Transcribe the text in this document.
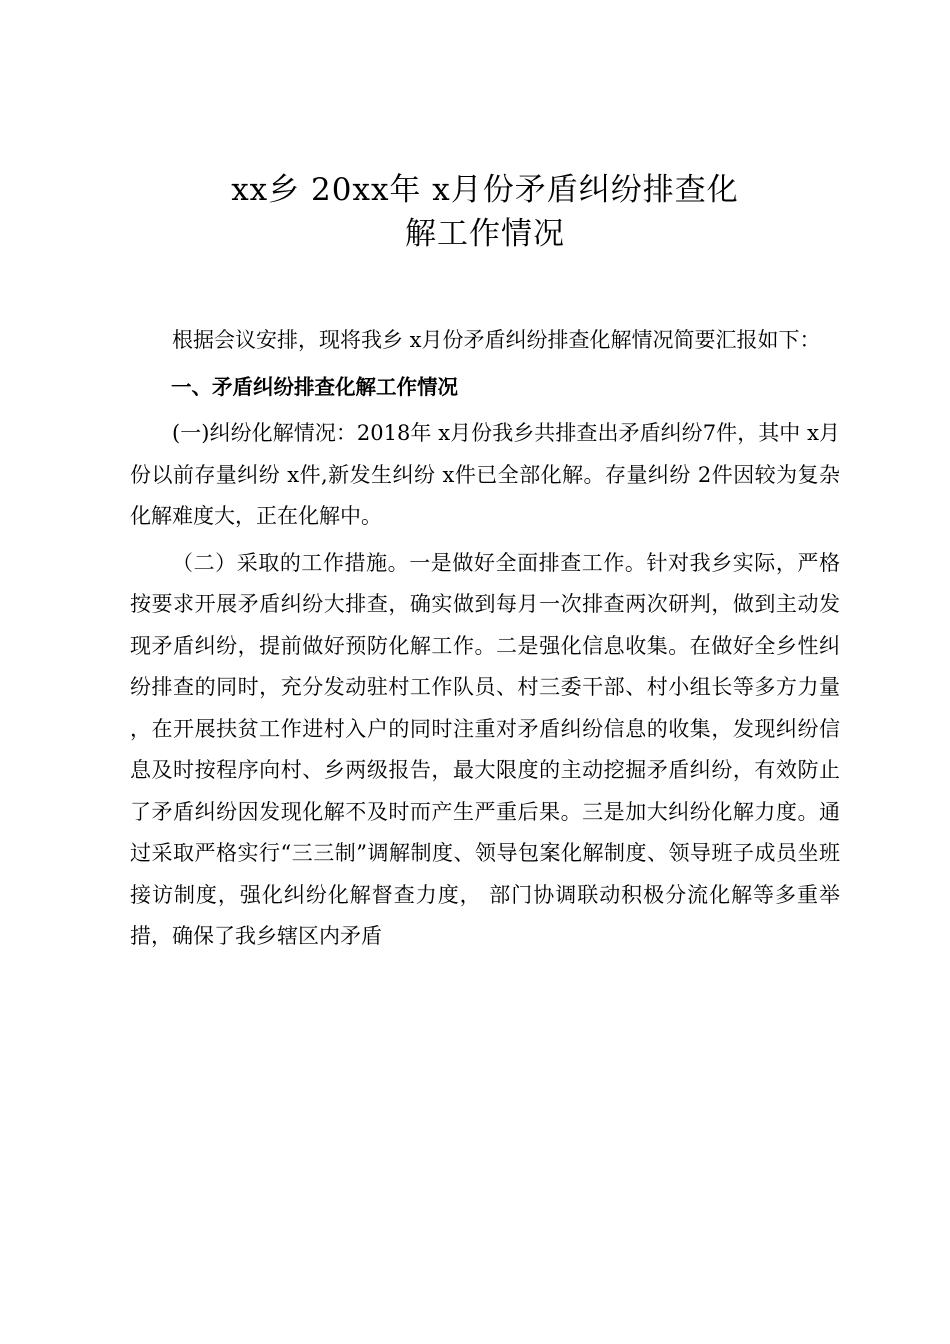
xx乡 20xx年 x月份矛盾纠纷排查化
解工作情况

根据会议安排，现将我乡 x月份矛盾纠纷排查化解情况简要汇报如下：

一、矛盾纠纷排查化解工作情况

(一)纠纷化解情况：2018年 x月份我乡共排查出矛盾纠纷7件，其中 x月份以前存量纠纷 x件,新发生纠纷 x件已全部化解。存量纠纷 2件因较为复杂化解难度大，正在化解中。

（二）采取的工作措施。一是做好全面排查工作。针对我乡实际，严格按要求开展矛盾纠纷大排查，确实做到每月一次排查两次研判，做到主动发现矛盾纠纷，提前做好预防化解工作。二是强化信息收集。在做好全乡性纠纷排查的同时，充分发动驻村工作队员、村三委干部、村小组长等多方力量 ，在开展扶贫工作进村入户的同时注重对矛盾纠纷信息的收集，发现纠纷信息及时按程序向村、乡两级报告，最大限度的主动挖掘矛盾纠纷，有效防止了矛盾纠纷因发现化解不及时而产生严重后果。三是加大纠纷化解力度。通过采取严格实行“三三制”调解制度、领导包案化解制度、领导班子成员坐班接访制度，强化纠纷化解督查力度， 部门协调联动积极分流化解等多重举措，确保了我乡辖区内矛盾
